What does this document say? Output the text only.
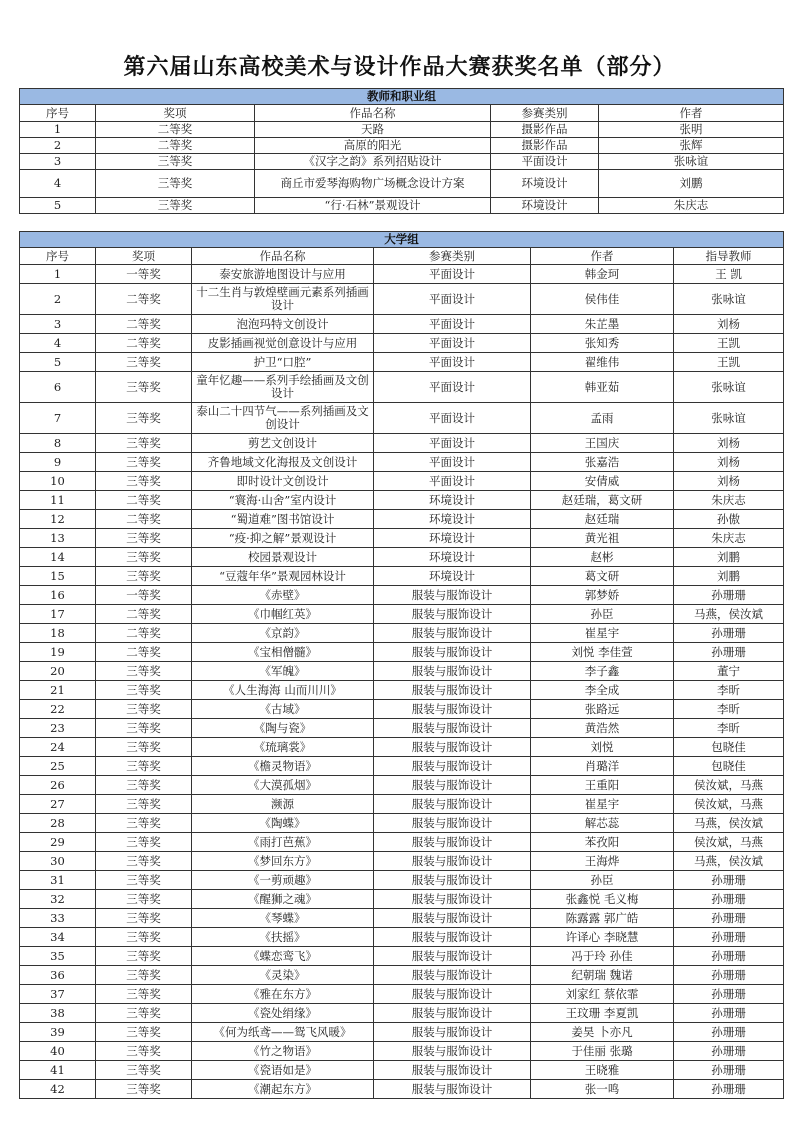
第六届山东高校美术与设计作品大赛获奖名单（部分）
教师和职业组				
序号	奖项	作品名称	参赛类别	作者
1	二等奖	天路	摄影作品	张明
2	二等奖	高原的阳光	摄影作品	张辉
3	三等奖	《汉字之韵》系列招贴设计	平面设计	张咏谊
4	三等奖	商丘市爱琴海购物广场概念设计方案	环境设计	刘鹏
5	三等奖	“行·石林”景观设计	环境设计	朱庆志
大学组					
序号	奖项	作品名称	参赛类别	作者	指导教师
1	一等奖	泰安旅游地图设计与应用	平面设计	韩金珂	王 凯
2	二等奖	十二生肖与敦煌壁画元素系列插画设计	平面设计	侯伟佳	张咏谊
3	二等奖	泡泡玛特文创设计	平面设计	朱芷墨	刘杨
4	二等奖	皮影插画视觉创意设计与应用	平面设计	张知秀	王凯
5	三等奖	护卫“口腔”	平面设计	翟维伟	王凯
6	三等奖	童年忆趣——系列手绘插画及文创设计	平面设计	韩亚茹	张咏谊
7	三等奖	泰山二十四节气——系列插画及文创设计	平面设计	孟雨	张咏谊
8	三等奖	剪艺文创设计	平面设计	王国庆	刘杨
9	三等奖	齐鲁地域文化海报及文创设计	平面设计	张嘉浩	刘杨
10	三等奖	即时设计文创设计	平面设计	安倩威	刘杨
11	二等奖	“寰海·山舍”室内设计	环境设计	赵廷瑞，葛文研	朱庆志
12	二等奖	“蜀道难”图书馆设计	环境设计	赵廷瑞	孙傲
13	三等奖	“疫·抑之解”景观设计	环境设计	黄光祖	朱庆志
14	三等奖	校园景观设计	环境设计	赵彬	刘鹏
15	三等奖	“豆蔻年华”景观园林设计	环境设计	葛文研	刘鹏
16	一等奖	《赤壁》	服装与服饰设计	郭梦娇	孙珊珊
17	二等奖	《巾帼红英》	服装与服饰设计	孙臣	马燕，侯汝斌
18	二等奖	《京韵》	服装与服饰设计	崔星宇	孙珊珊
19	二等奖	《宝相僧髓》	服装与服饰设计	刘悦 李佳萱	孙珊珊
20	三等奖	《军魄》	服装与服饰设计	李子鑫	董宁
21	三等奖	《人生海海 山而川川》	服装与服饰设计	李全成	李昕
22	三等奖	《古域》	服装与服饰设计	张路远	李昕
23	三等奖	《陶与瓷》	服装与服饰设计	黄浩然	李昕
24	三等奖	《琉璃裳》	服装与服饰设计	刘悦	包晓佳
25	三等奖	《檐灵物语》	服装与服饰设计	肖璐洋	包晓佳
26	三等奖	《大漠孤烟》	服装与服饰设计	王重阳	侯汝斌，马燕
27	三等奖	濒源	服装与服饰设计	崔星宇	侯汝斌，马燕
28	三等奖	《陶蝶》	服装与服饰设计	解芯蕊	马燕，侯汝斌
29	三等奖	《雨打芭蕉》	服装与服饰设计	苯孜阳	侯汝斌，马燕
30	三等奖	《梦回东方》	服装与服饰设计	王海烨	马燕，侯汝斌
31	三等奖	《一剪顽趣》	服装与服饰设计	孙臣	孙珊珊
32	三等奖	《醒狮之魂》	服装与服饰设计	张鑫悦 毛义梅	孙珊珊
33	三等奖	《琴蝶》	服装与服饰设计	陈露露 郭广皓	孙珊珊
34	三等奖	《扶摇》	服装与服饰设计	许译心 李晓慧	孙珊珊
35	三等奖	《蝶恋鸾飞》	服装与服饰设计	冯于玲 孙佳	孙珊珊
36	三等奖	《灵染》	服装与服饰设计	纪朝瑞 魏诺	孙珊珊
37	三等奖	《雅在东方》	服装与服饰设计	刘家红 蔡依霏	孙珊珊
38	三等奖	《瓷处绢缘》	服装与服饰设计	王玟珊 李夏凯	孙珊珊
39	三等奖	《何为纸鸢——鸳飞风暖》	服装与服饰设计	姜昊 卜亦凡	孙珊珊
40	三等奖	《竹之物语》	服装与服饰设计	于佳丽 张璐	孙珊珊
41	三等奖	《瓷语如是》	服装与服饰设计	王晓雅	孙珊珊
42	三等奖	《潮起东方》	服装与服饰设计	张一鸣	孙珊珊
